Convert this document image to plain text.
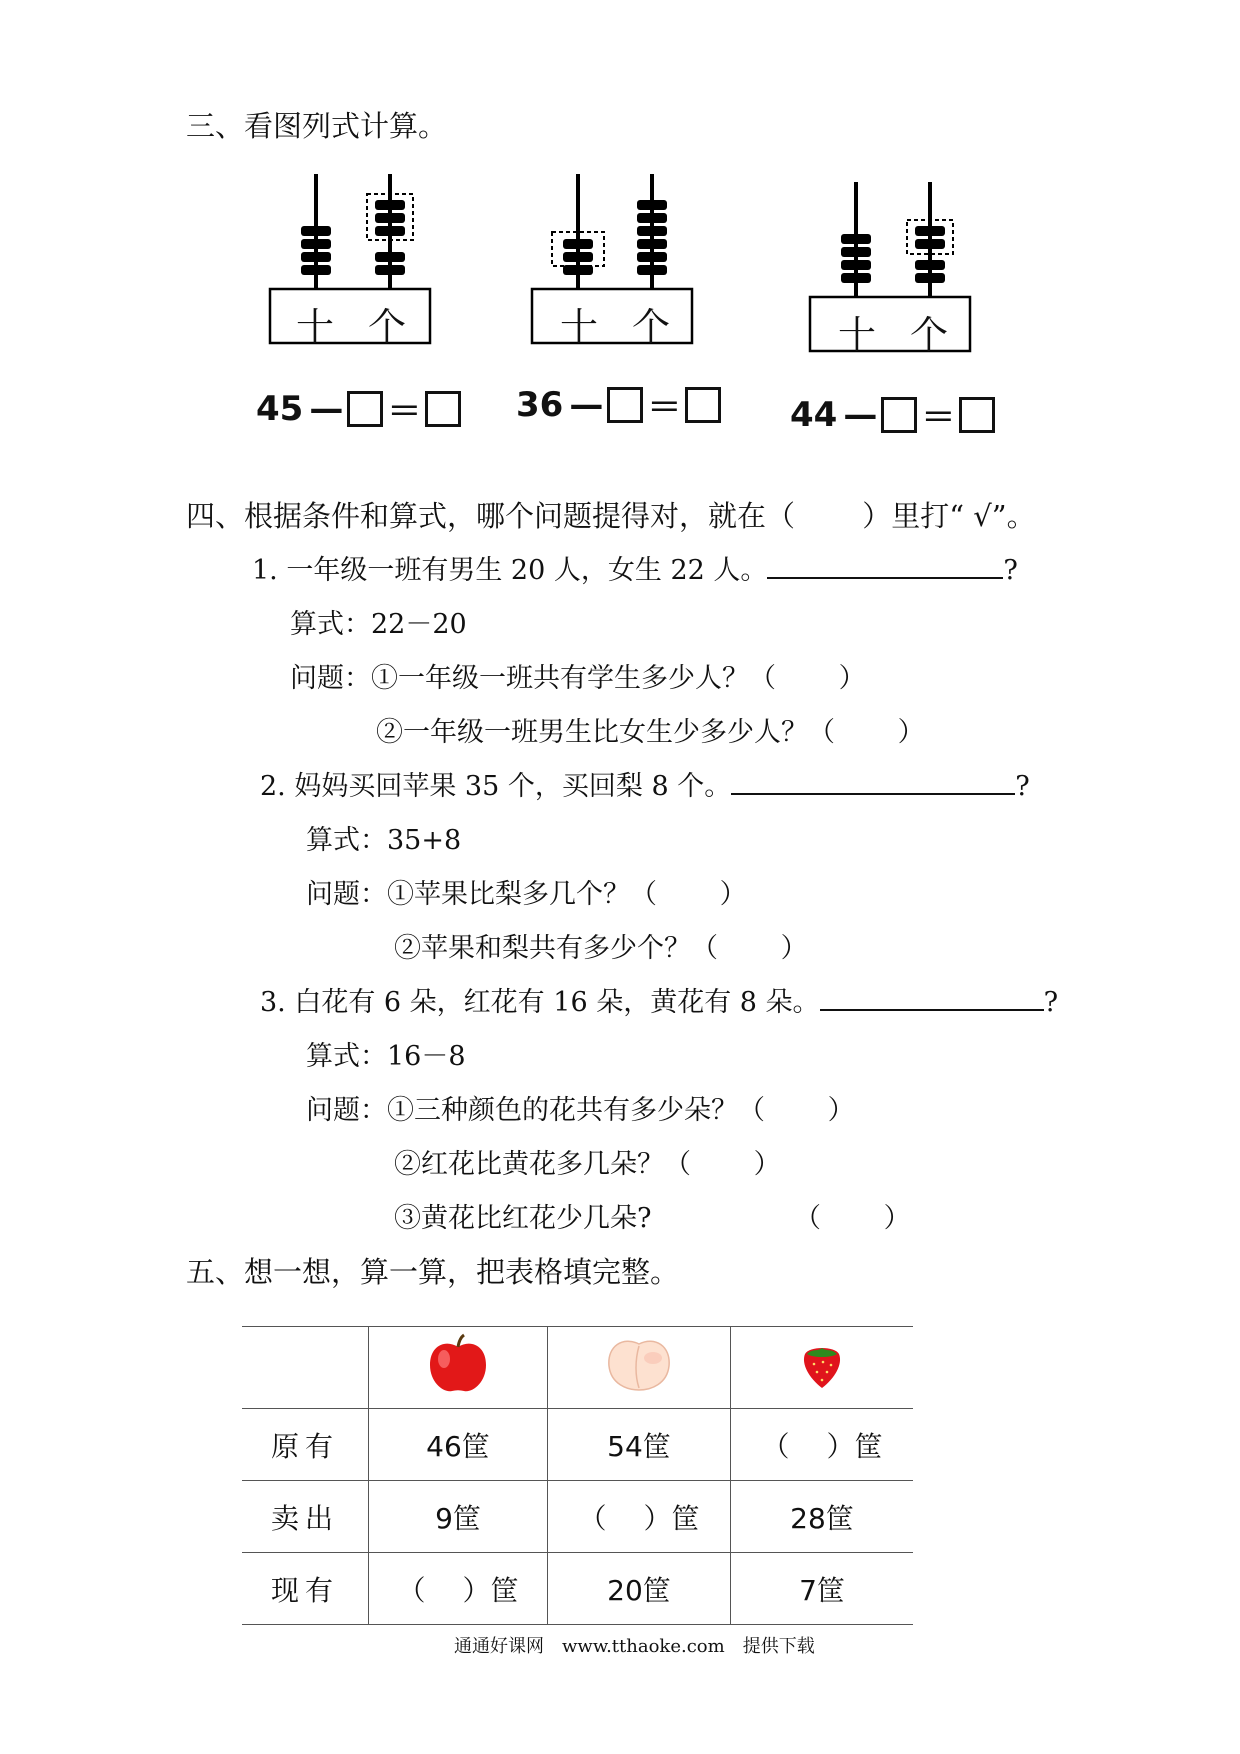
三、看图列式计算。
十 个	十 个	十 个
45 — ＝	36 — ＝	44 — ＝
四、根据条件和算式，哪个问题提得对，就在（　　 ）里打“ √”。
1. 一年级一班有男生 20 人，女生 22 人。	?
算式：22－20
问题：①一年级一班共有学生多少人？（　　 ）
②一年级一班男生比女生少多少人？（　　 ）
2. 妈妈买回苹果 35 个，买回梨 8 个。	?
算式：35+8
问题：①苹果比梨多几个？（　　 ）
②苹果和梨共有多少个？（　　 ）
3. 白花有 6 朵，红花有 16 朵，黄花有 8 朵。	?
算式：16－8
问题：①三种颜色的花共有多少朵？（　　 ）
②红花比黄花多几朵？（　　 ）
③黄花比红花少几朵?	（　　 ）
五、想一想，算一算，把表格填完整。

原有	46筐	54筐	（　 ）筐
卖出	9筐	（　 ）筐	28筐
现有	（　 ）筐	20筐	7筐
通通好课网　www.tthaoke.com　提供下载
